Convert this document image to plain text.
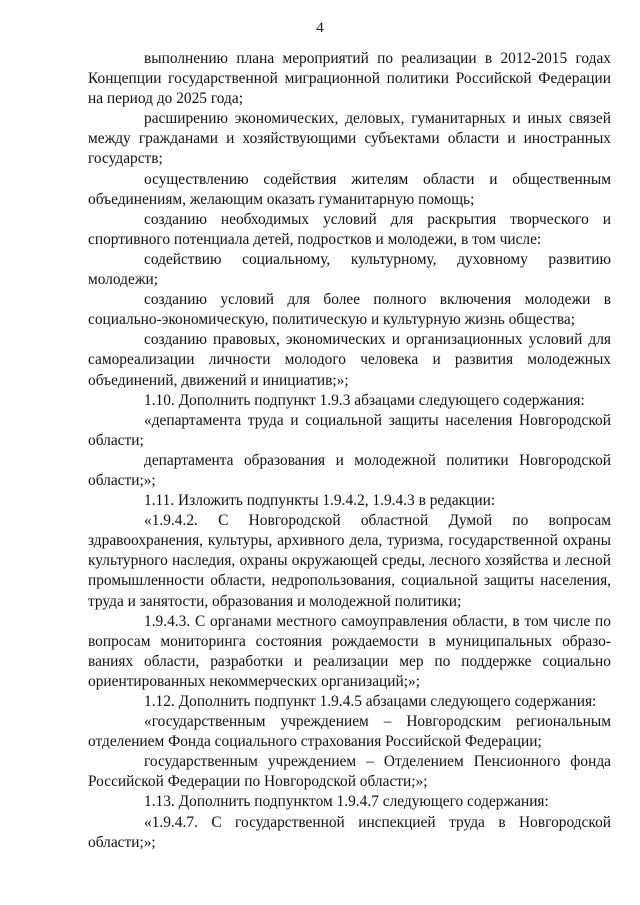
4

выполнению плана мероприятий по реализации в 2012-2015 годах Концепции государственной миграционной политики Российской Федерации на период до 2025 года;

расширению экономических, деловых, гуманитарных и иных связей между гражданами и хозяйствующими субъектами области и иностранных государств;

осуществлению содействия жителям области и общественным объединениям, желающим оказать гуманитарную помощь;

созданию необходимых условий для раскрытия творческого и спортивного потенциала детей, подростков и молодежи, в том числе:

содействию социальному, культурному, духовному развитию молодежи;

созданию условий для более полного включения молодежи в социально-экономическую, политическую и культурную жизнь общества;

созданию правовых, экономических и организационных условий для самореализации личности молодого человека и развития молодежных объединений, движений и инициатив;»;

1.10. Дополнить подпункт 1.9.3 абзацами следующего содержания:

«департамента труда и социальной защиты населения Новгородской области;

департамента образования и молодежной политики Новгородской области;»;

1.11. Изложить подпункты 1.9.4.2, 1.9.4.3 в редакции:

«1.9.4.2. С Новгородской областной Думой по вопросам здравоохранения, культуры, архивного дела, туризма, государственной охраны культурного наследия, охраны окружающей среды, лесного хозяйства и лесной промышленности области, недропользования, социальной защиты населения, труда и занятости, образования и молодежной политики;

1.9.4.3. С органами местного самоуправления области, в том числе по вопросам мониторинга состояния рождаемости в муниципальных образованиях области, разработки и реализации мер по поддержке социально ориентированных некоммерческих организаций;»;

1.12. Дополнить подпункт 1.9.4.5 абзацами следующего содержания:

«государственным учреждением – Новгородским региональным отделением Фонда социального страхования Российской Федерации;

государственным учреждением – Отделением Пенсионного фонда Российской Федерации по Новгородской области;»;

1.13. Дополнить подпунктом 1.9.4.7 следующего содержания:

«1.9.4.7. С государственной инспекцией труда в Новгородской области;»;
